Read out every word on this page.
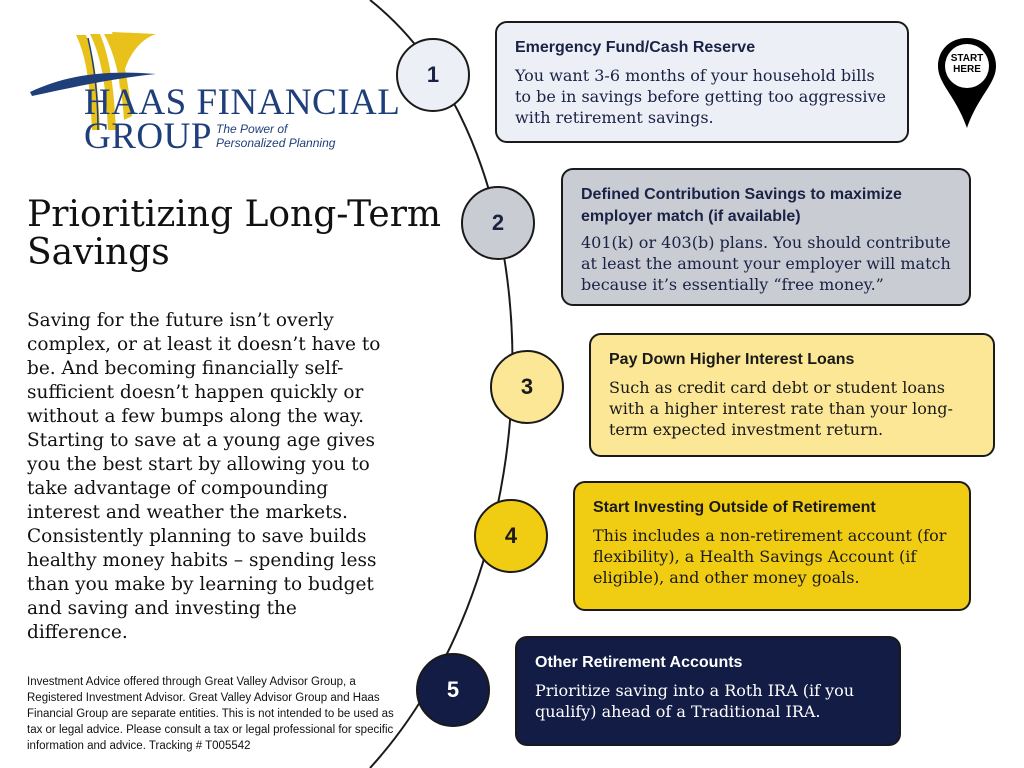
HAAS FINANCIAL
GROUP The Power of Personalized Planning
Prioritizing Long-Term Savings

Saving for the future isn’t overly complex, or at least it doesn’t have to be. And becoming financially self-sufficient doesn’t happen quickly or without a few bumps along the way. Starting to save at a young age gives you the best start by allowing you to take advantage of compounding interest and weather the markets. Consistently planning to save builds healthy money habits – spending less than you make by learning to budget and saving and investing the difference.

Investment Advice offered through Great Valley Advisor Group, a Registered Investment Advisor. Great Valley Advisor Group and Haas Financial Group are separate entities. This is not intended to be used as tax or legal advice. Please consult a tax or legal professional for specific information and advice. Tracking # T005542

START HERE
1

Emergency Fund/Cash Reserve

You want 3-6 months of your household bills to be in savings before getting too aggressive with retirement savings.

2

Defined Contribution Savings to maximize employer match (if available)

401(k) or 403(b) plans. You should contribute at least the amount your employer will match because it’s essentially “free money.”

3

Pay Down Higher Interest Loans

Such as credit card debt or student loans with a higher interest rate than your long-term expected investment return.

4

Start Investing Outside of Retirement

This includes a non-retirement account (for flexibility), a Health Savings Account (if eligible), and other money goals.

5

Other Retirement Accounts

Prioritize saving into a Roth IRA (if you qualify) ahead of a Traditional IRA.
